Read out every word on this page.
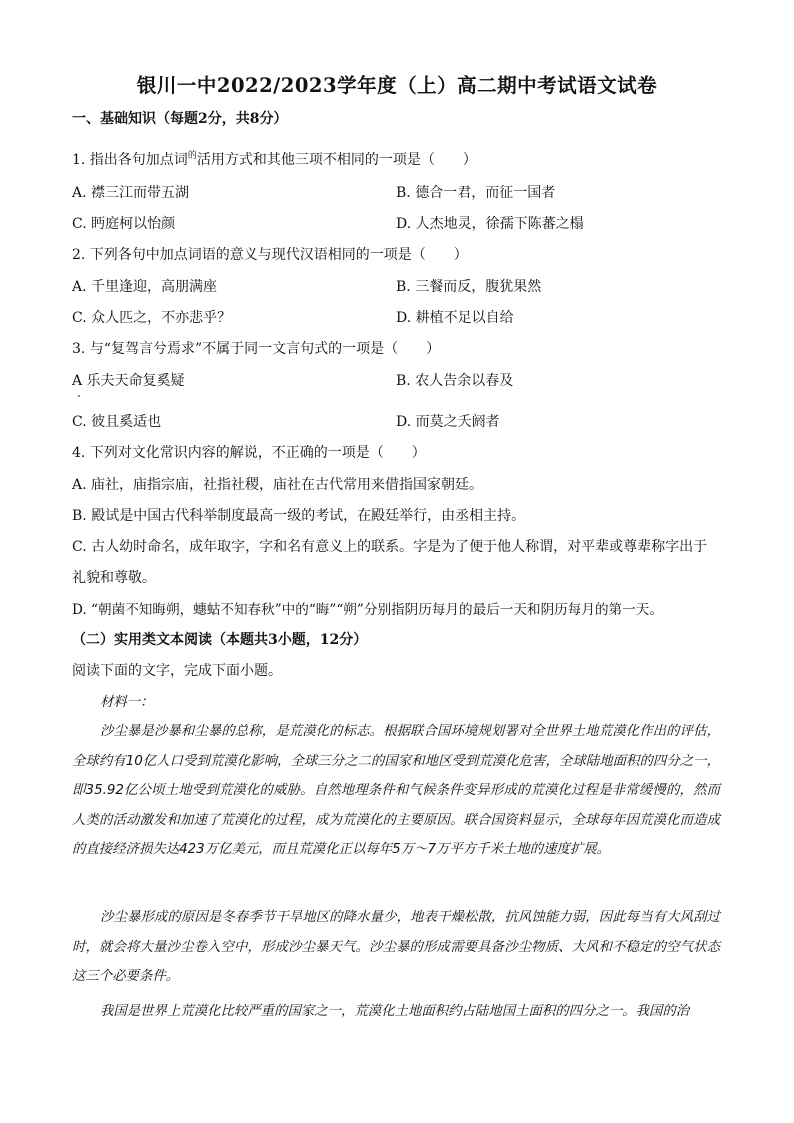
银川一中2022/2023学年度（上）高二期中考试语文试卷
一、基础知识（每题2分，共8分）
1. 指出各句加点词$^的$活用方式和其他三项不相同的一项是（　　）
A. 襟三江而带五湖	B. 德合一君，而征一国者
C. 眄庭柯以怡颜	D. 人杰地灵，徐孺下陈蕃之榻
2. 下列各句中加点词语的意义与现代汉语相同的一项是（　　）
A. 千里逢迎，高朋满座	B. 三餐而反，腹犹果然
C. 众人匹之，不亦悲乎？	D. 耕植不足以自给
3. 与“复驾言兮焉求”不属于同一文言句式的一项是（　　）
A 乐夫天命复奚疑	B. 农人告余以春及
C. 彼且奚适也	D. 而莫之夭阏者
4. 下列对文化常识内容的解说，不正确的一项是（　　）
A. 庙社，庙指宗庙，社指社稷，庙社在古代常用来借指国家朝廷。
B. 殿试是中国古代科举制度最高一级的考试，在殿廷举行，由丞相主持。
C. 古人幼时命名，成年取字，字和名有意义上的联系。字是为了便于他人称谓，对平辈或尊辈称字出于
礼貌和尊敬。
D. “朝菌不知晦朔，蟪蛄不知春秋”中的“晦”“朔”分别指阴历每月的最后一天和阴历每月的第一天。
（二）实用类文本阅读（本题共3小题，12分）
阅读下面的文字，完成下面小题。
材料一：
沙尘暴是沙暴和尘暴的总称，是荒漠化的标志。根据联合国环境规划署对全世界土地荒漠化作出的评估，全球约有10亿人口受到荒漠化影响，全球三分之二的国家和地区受到荒漠化危害，全球陆地面积的四分之一，即35.92亿公顷土地受到荒漠化的威胁。自然地理条件和气候条件变异形成的荒漠化过程是非常缓慢的，然而人类的活动激发和加速了荒漠化的过程，成为荒漠化的主要原因。联合国资料显示，全球每年因荒漠化而造成的直接经济损失达423万亿美元，而且荒漠化正以每年5万～7万平方千米土地的速度扩展。
沙尘暴形成的原因是冬春季节干旱地区的降水量少，地表干燥松散，抗风蚀能力弱，因此每当有大风刮过时，就会将大量沙尘卷入空中，形成沙尘暴天气。沙尘暴的形成需要具备沙尘物质、大风和不稳定的空气状态这三个必要条件。
我国是世界上荒漠化比较严重的国家之一，荒漠化土地面积约占陆地国土面积的四分之一。我国的治
